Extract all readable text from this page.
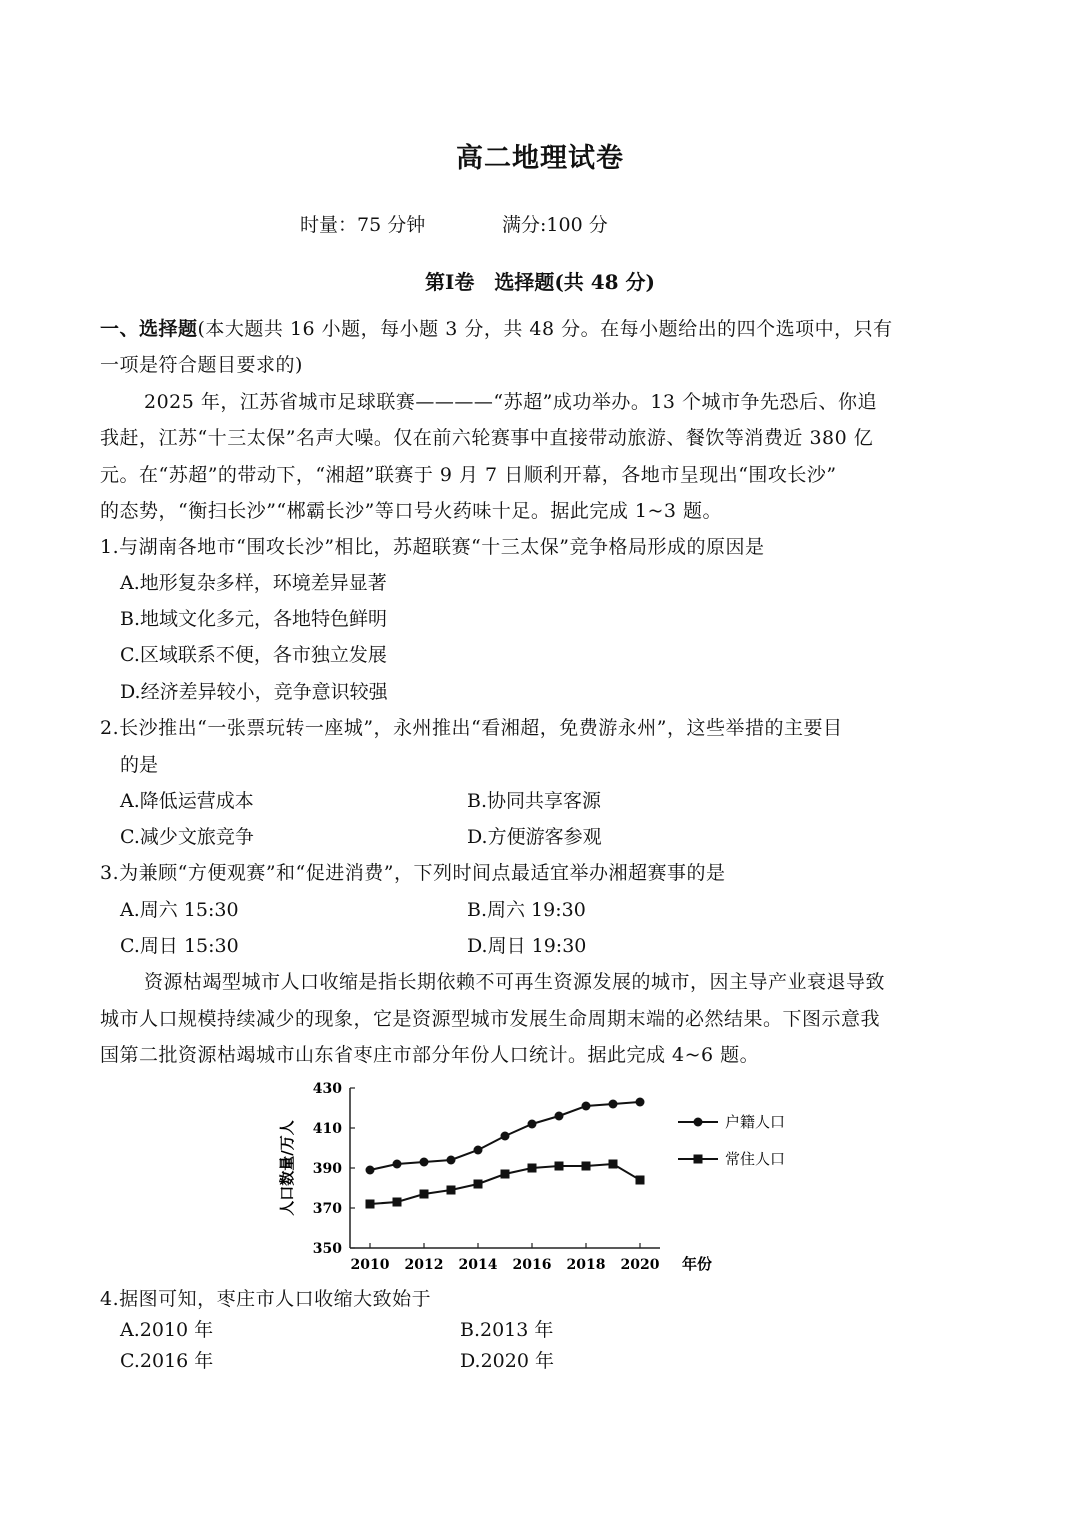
高二地理试卷
时量：75 分钟	满分:100 分
第Ⅰ卷　选择题(共 48 分)
一、选择题(本大题共 16 小题，每小题 3 分，共 48 分。在每小题给出的四个选项中，只有
一项是符合题目要求的)
2025 年，江苏省城市足球联赛————“苏超”成功举办。13 个城市争先恐后、你追
我赶，江苏“十三太保”名声大噪。仅在前六轮赛事中直接带动旅游、餐饮等消费近 380 亿
元。在“苏超”的带动下，“湘超”联赛于 9 月 7 日顺利开幕，各地市呈现出“围攻长沙”
的态势，“衡扫长沙”“郴霸长沙”等口号火药味十足。据此完成 1~3 题。
1.与湖南各地市“围攻长沙”相比，苏超联赛“十三太保”竞争格局形成的原因是
A.地形复杂多样，环境差异显著
B.地域文化多元，各地特色鲜明
C.区域联系不便，各市独立发展
D.经济差异较小，竞争意识较强
2.长沙推出“一张票玩转一座城”，永州推出“看湘超，免费游永州”，这些举措的主要目
的是
A.降低运营成本	B.协同共享客源
C.减少文旅竞争	D.方便游客参观
3.为兼顾“方便观赛”和“促进消费”，下列时间点最适宜举办湘超赛事的是
A.周六 15:30	B.周六 19:30
C.周日 15:30	D.周日 19:30
资源枯竭型城市人口收缩是指长期依赖不可再生资源发展的城市，因主导产业衰退导致
城市人口规模持续减少的现象，它是资源型城市发展生命周期末端的必然结果。下图示意我
国第二批资源枯竭城市山东省枣庄市部分年份人口统计。据此完成 4~6 题。
350
370
390
410
430
2010 2012 2014 2016 2018 2020
人口数量/万人
年份
户籍人口
常住人口
4.据图可知，枣庄市人口收缩大致始于
A.2010 年	B.2013 年
C.2016 年	D.2020 年
